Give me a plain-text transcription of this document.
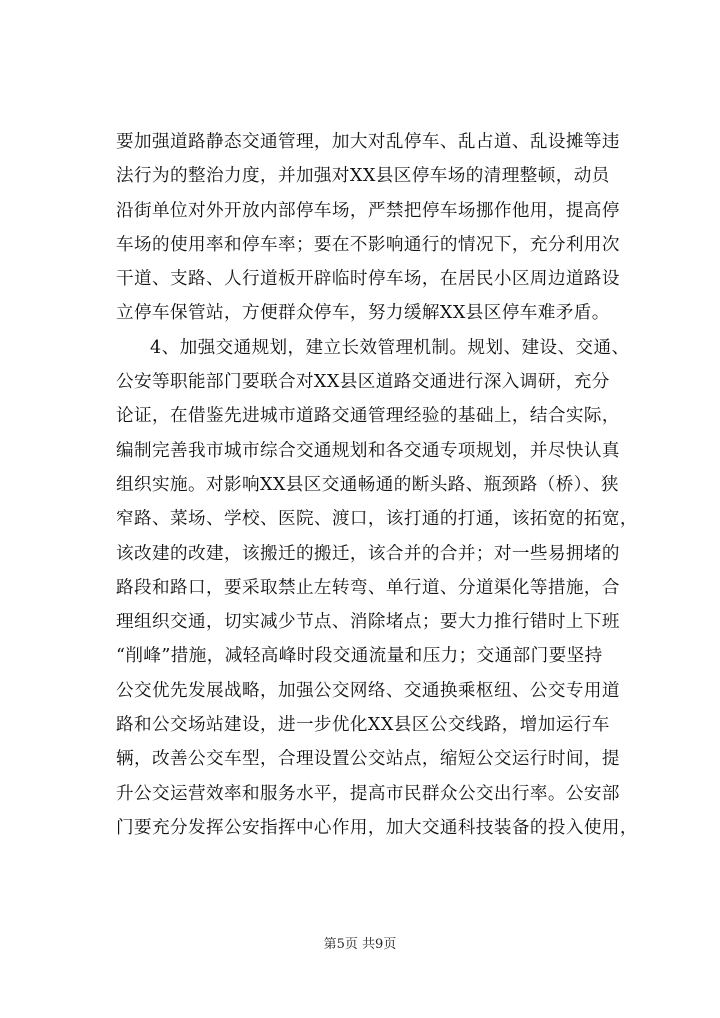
要加强道路静态交通管理，加大对乱停车、乱占道、乱设摊等违
法行为的整治力度，并加强对XX县区停车场的清理整顿，动员
沿街单位对外开放内部停车场，严禁把停车场挪作他用，提高停
车场的使用率和停车率；要在不影响通行的情况下，充分利用次
干道、支路、人行道板开辟临时停车场，在居民小区周边道路设
立停车保管站，方便群众停车，努力缓解XX县区停车难矛盾。
4、加强交通规划，建立长效管理机制。规划、建设、交通、
公安等职能部门要联合对XX县区道路交通进行深入调研，充分
论证，在借鉴先进城市道路交通管理经验的基础上，结合实际，
编制完善我市城市综合交通规划和各交通专项规划，并尽快认真
组织实施。对影响XX县区交通畅通的断头路、瓶颈路（桥）、狭
窄路、菜场、学校、医院、渡口，该打通的打通，该拓宽的拓宽，
该改建的改建，该搬迁的搬迁，该合并的合并；对一些易拥堵的
路段和路口，要采取禁止左转弯、单行道、分道渠化等措施，合
理组织交通，切实减少节点、消除堵点；要大力推行错时上下班
“削峰”措施，减轻高峰时段交通流量和压力；交通部门要坚持
公交优先发展战略，加强公交网络、交通换乘枢纽、公交专用道
路和公交场站建设，进一步优化XX县区公交线路，增加运行车
辆，改善公交车型，合理设置公交站点，缩短公交运行时间，提
升公交运营效率和服务水平，提高市民群众公交出行率。公安部
门要充分发挥公安指挥中心作用，加大交通科技装备的投入使用，
第5页 共9页
